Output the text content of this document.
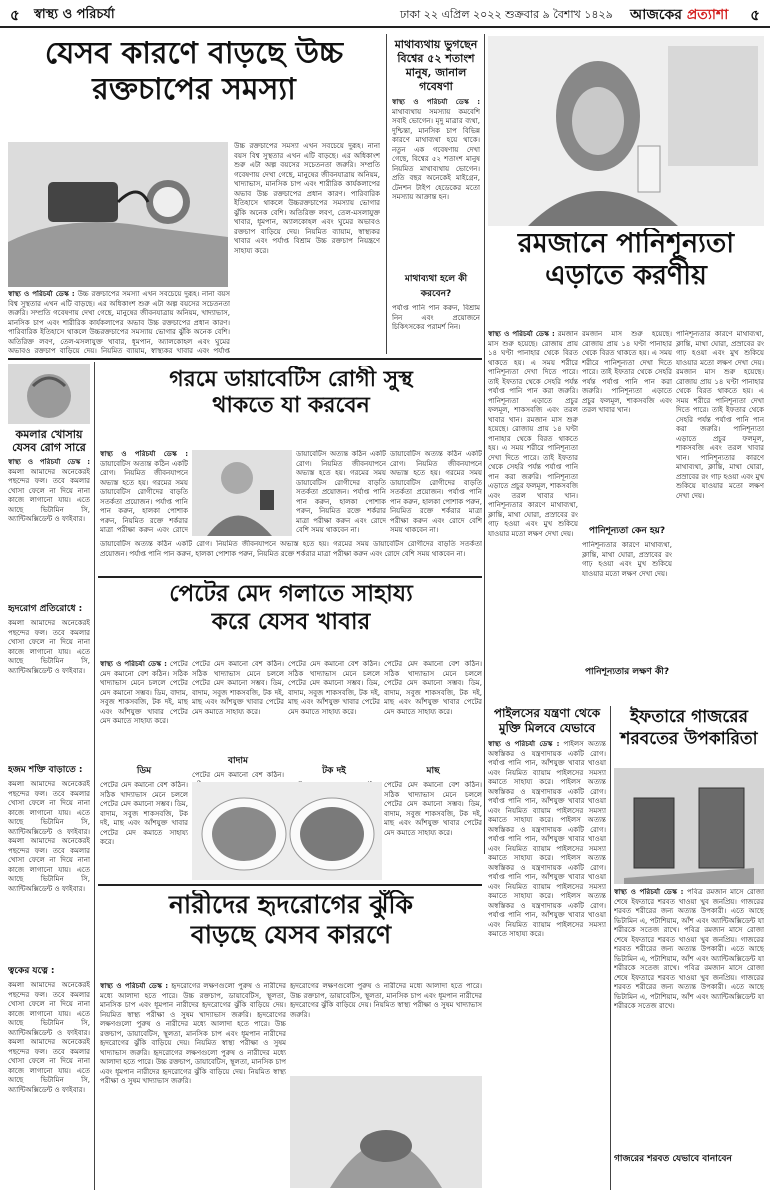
৫ স্বাস্থ্য ও পরিচর্যা	ঢাকা ২২ এপ্রিল ২০২২ শুক্রবার ৯ বৈশাখ ১৪২৯ আজকের প্রত্যাশা ৫
যেসব কারণে বাড়ছে উচ্চ
রক্তচাপের সমস্যা
উচ্চ রক্তচাপের সমস্যা এখন সবচেয়ে দুরূহ। নানা বয়স বিশ্ব সুস্থতার এখন এটি বাড়ছে। এর অধিকাংশ শুরু এটা অল্প বয়সের সচেতনতা জরুরি। সম্প্রতি গবেষণায় দেখা গেছে, মানুষের জীবনযাত্রায় অনিয়ম, খাদ্যাভাস, মানসিক চাপ এবং শারীরিক কার্যকলাপের অভাব উচ্চ রক্তচাপের প্রধান কারণ। পারিবারিক ইতিহাসে থাকলে উচ্চরক্তচাপের সমস্যায় ভোগার ঝুঁকি অনেক বেশি। অতিরিক্ত লবণ, তেল-মসলাযুক্ত খাবার, ধূমপান, অ্যালকোহল এবং ঘুমের অভাবও রক্তচাপ বাড়িয়ে দেয়। নিয়মিত ব্যায়াম, স্বাস্থ্যকর খাবার এবং পর্যাপ্ত বিশ্রাম উচ্চ রক্তচাপ নিয়ন্ত্রণে সাহায্য করে।
স্বাস্থ্য ও পরিচর্যা ডেস্ক : উচ্চ রক্তচাপের সমস্যা এখন সবচেয়ে দুরূহ। নানা বয়স বিশ্ব সুস্থতার এখন এটি বাড়ছে। এর অধিকাংশ শুরু এটা অল্প বয়সের সচেতনতা জরুরি। সম্প্রতি গবেষণায় দেখা গেছে, মানুষের জীবনযাত্রায় অনিয়ম, খাদ্যাভাস, মানসিক চাপ এবং শারীরিক কার্যকলাপের অভাব উচ্চ রক্তচাপের প্রধান কারণ। পারিবারিক ইতিহাসে থাকলে উচ্চরক্তচাপের সমস্যায় ভোগার ঝুঁকি অনেক বেশি। অতিরিক্ত লবণ, তেল-মসলাযুক্ত খাবার, ধূমপান, অ্যালকোহল এবং ঘুমের অভাবও রক্তচাপ বাড়িয়ে দেয়। নিয়মিত ব্যায়াম, স্বাস্থ্যকর খাবার এবং পর্যাপ্ত
মাথাব্যথায় ভুগছেন বিশ্বের ৫২ শতাংশ মানুষ, জানাল গবেষণা
স্বাস্থ্য ও পরিচর্যা ডেস্ক : মাথাব্যথায় সমস্যায় কমবেশি সবাই ভোগেন। মৃদু মাত্রার ব্যথা, দুশ্চিন্তা, মানসিক চাপ বিভিন্ন কারণে মাথাব্যথা হয়ে থাকে। নতুন এক গবেষণায় দেখা গেছে, বিশ্বের ৫২ শতাংশ মানুষ নিয়মিত মাথাব্যথায় ভোগেন। প্রতি বছর অনেকেই মাইগ্রেন, টেনশন টাইপ হেডেকের মতো সমস্যায় আক্রান্ত হন।
মাথাব্যথা হলে কী করবেন?
পর্যাপ্ত পানি পান করুন, বিশ্রাম নিন এবং প্রয়োজনে চিকিৎসকের পরামর্শ নিন।
রমজানে পানিশূন্যতা
এড়াতে করণীয়
স্বাস্থ্য ও পরিচর্যা ডেস্ক : রমজান মাস শুরু হয়েছে। রোজায় প্রায় ১৪ ঘণ্টা পানাহার থেকে বিরত থাকতে হয়। এ সময় শরীরে পানিশূন্যতা দেখা দিতে পারে। তাই ইফতার থেকে সেহরি পর্যন্ত পর্যাপ্ত পানি পান করা জরুরি। পানিশূন্যতা এড়াতে প্রচুর ফলমূল, শাকসবজি এবং তরল খাবার খান। রমজান মাস শুরু হয়েছে। রোজায় প্রায় ১৪ ঘণ্টা পানাহার থেকে বিরত থাকতে হয়। এ সময় শরীরে পানিশূন্যতা দেখা দিতে পারে। তাই ইফতার থেকে সেহরি পর্যন্ত পর্যাপ্ত পানি পান করা জরুরি। পানিশূন্যতা এড়াতে প্রচুর ফলমূল, শাকসবজি এবং তরল খাবার খান। পানিশূন্যতার কারণে মাথাব্যথা, ক্লান্তি, মাথা ঘোরা, প্রস্রাবের রং গাঢ় হওয়া এবং মুখ শুকিয়ে যাওয়ার মতো লক্ষণ দেখা দেয়।
রমজান মাস শুরু হয়েছে। রোজায় প্রায় ১৪ ঘণ্টা পানাহার থেকে বিরত থাকতে হয়। এ সময় শরীরে পানিশূন্যতা দেখা দিতে পারে। তাই ইফতার থেকে সেহরি পর্যন্ত পর্যাপ্ত পানি পান করা জরুরি। পানিশূন্যতা এড়াতে প্রচুর ফলমূল, শাকসবজি এবং তরল খাবার খান।
পানিশূন্যতা কেন হয়?
পানিশূন্যতার কারণে মাথাব্যথা, ক্লান্তি, মাথা ঘোরা, প্রস্রাবের রং গাঢ় হওয়া এবং মুখ শুকিয়ে যাওয়ার মতো লক্ষণ দেখা দেয়।
পানিশূন্যতার লক্ষণ কী?
পানিশূন্যতার কারণে মাথাব্যথা, ক্লান্তি, মাথা ঘোরা, প্রস্রাবের রং গাঢ় হওয়া এবং মুখ শুকিয়ে যাওয়ার মতো লক্ষণ দেখা দেয়। রমজান মাস শুরু হয়েছে। রোজায় প্রায় ১৪ ঘণ্টা পানাহার থেকে বিরত থাকতে হয়। এ সময় শরীরে পানিশূন্যতা দেখা দিতে পারে। তাই ইফতার থেকে সেহরি পর্যন্ত পর্যাপ্ত পানি পান করা জরুরি। পানিশূন্যতা এড়াতে প্রচুর ফলমূল, শাকসবজি এবং তরল খাবার খান। পানিশূন্যতার কারণে মাথাব্যথা, ক্লান্তি, মাথা ঘোরা, প্রস্রাবের রং গাঢ় হওয়া এবং মুখ শুকিয়ে যাওয়ার মতো লক্ষণ দেখা দেয়।
কমলার খোসায় যেসব রোগ সারে
স্বাস্থ্য ও পরিচর্যা ডেস্ক : কমলা আমাদের অনেকেরই পছন্দের ফল। তবে কমলার খোসা ফেলে না দিয়ে নানা কাজে লাগানো যায়। এতে আছে ভিটামিন সি, অ্যান্টিঅক্সিডেন্ট ও ফাইবার।
হৃদরোগ প্রতিরোধে :
কমলা আমাদের অনেকেরই পছন্দের ফল। তবে কমলার খোসা ফেলে না দিয়ে নানা কাজে লাগানো যায়। এতে আছে ভিটামিন সি, অ্যান্টিঅক্সিডেন্ট ও ফাইবার।
হজম শক্তি বাড়াতে :
কমলা আমাদের অনেকেরই পছন্দের ফল। তবে কমলার খোসা ফেলে না দিয়ে নানা কাজে লাগানো যায়। এতে আছে ভিটামিন সি, অ্যান্টিঅক্সিডেন্ট ও ফাইবার। কমলা আমাদের অনেকেরই পছন্দের ফল। তবে কমলার খোসা ফেলে না দিয়ে নানা কাজে লাগানো যায়। এতে আছে ভিটামিন সি, অ্যান্টিঅক্সিডেন্ট ও ফাইবার।
ত্বকের যত্নে :
কমলা আমাদের অনেকেরই পছন্দের ফল। তবে কমলার খোসা ফেলে না দিয়ে নানা কাজে লাগানো যায়। এতে আছে ভিটামিন সি, অ্যান্টিঅক্সিডেন্ট ও ফাইবার। কমলা আমাদের অনেকেরই পছন্দের ফল। তবে কমলার খোসা ফেলে না দিয়ে নানা কাজে লাগানো যায়। এতে আছে ভিটামিন সি, অ্যান্টিঅক্সিডেন্ট ও ফাইবার।
গরমে ডায়াবেটিস রোগী সুস্থ
থাকতে যা করবেন
স্বাস্থ্য ও পরিচর্যা ডেস্ক : ডায়াবেটিস অত্যন্ত কঠিন একটি রোগ। নিয়মিত জীবনযাপনে অভ্যস্ত হতে হয়। গরমের সময় ডায়াবেটিস রোগীদের বাড়তি সতর্কতা প্রয়োজন। পর্যাপ্ত পানি পান করুন, হালকা পোশাক পরুন, নিয়মিত রক্তে শর্করার মাত্রা পরীক্ষা করুন এবং রোদে
ডায়াবেটিস অত্যন্ত কঠিন একটি রোগ। নিয়মিত জীবনযাপনে অভ্যস্ত হতে হয়। গরমের সময় ডায়াবেটিস রোগীদের বাড়তি সতর্কতা প্রয়োজন। পর্যাপ্ত পানি পান করুন, হালকা পোশাক পরুন, নিয়মিত রক্তে শর্করার মাত্রা পরীক্ষা করুন এবং রোদে বেশি সময় থাকবেন না।
ডায়াবেটিস অত্যন্ত কঠিন একটি রোগ। নিয়মিত জীবনযাপনে অভ্যস্ত হতে হয়। গরমের সময় ডায়াবেটিস রোগীদের বাড়তি সতর্কতা প্রয়োজন। পর্যাপ্ত পানি পান করুন, হালকা পোশাক পরুন, নিয়মিত রক্তে শর্করার মাত্রা পরীক্ষা করুন এবং রোদে বেশি সময় থাকবেন না।
ডায়াবেটিস অত্যন্ত কঠিন একটি রোগ। নিয়মিত জীবনযাপনে অভ্যস্ত হতে হয়। গরমের সময় ডায়াবেটিস রোগীদের বাড়তি সতর্কতা প্রয়োজন। পর্যাপ্ত পানি পান করুন, হালকা পোশাক পরুন, নিয়মিত রক্তে শর্করার মাত্রা পরীক্ষা করুন এবং রোদে বেশি সময় থাকবেন না।
পেটের মেদ গলাতে সাহায্য
করে যেসব খাবার
স্বাস্থ্য ও পরিচর্যা ডেস্ক : পেটের মেদ কমানো বেশ কঠিন। সঠিক খাদ্যাভাস মেনে চললে পেটের মেদ কমানো সম্ভব। ডিম, বাদাম, সবুজ শাকসবজি, টক দই, মাছ এবং আঁশযুক্ত খাবার পেটের মেদ কমাতে সাহায্য করে।
ডিম
পেটের মেদ কমানো বেশ কঠিন। সঠিক খাদ্যাভাস মেনে চললে পেটের মেদ কমানো সম্ভব। ডিম, বাদাম, সবুজ শাকসবজি, টক দই, মাছ এবং আঁশযুক্ত খাবার পেটের মেদ কমাতে সাহায্য করে।
পেটের মেদ কমানো বেশ কঠিন। সঠিক খাদ্যাভাস মেনে চললে পেটের মেদ কমানো সম্ভব। ডিম, বাদাম, সবুজ শাকসবজি, টক দই, মাছ এবং আঁশযুক্ত খাবার পেটের মেদ কমাতে সাহায্য করে।
বাদাম
পেটের মেদ কমানো বেশ কঠিন।
পেটের মেদ কমানো বেশ কঠিন। সঠিক খাদ্যাভাস মেনে চললে পেটের মেদ কমানো সম্ভব। ডিম, বাদাম, সবুজ শাকসবজি, টক দই, মাছ এবং আঁশযুক্ত খাবার পেটের মেদ কমাতে সাহায্য করে।
টক দই
পেটের মেদ কমানো বেশ কঠিন। সঠিক খাদ্যাভাস মেনে চললে পেটের মেদ কমানো সম্ভব। ডিম, বাদাম, সবুজ শাকসবজি, টক দই, মাছ এবং আঁশযুক্ত খাবার পেটের মেদ কমাতে সাহায্য করে।
মাছ
পেটের মেদ কমানো বেশ কঠিন। সঠিক খাদ্যাভাস মেনে চললে পেটের মেদ কমানো সম্ভব। ডিম, বাদাম, সবুজ শাকসবজি, টক দই, মাছ এবং আঁশযুক্ত খাবার পেটের মেদ কমাতে সাহায্য করে।
পাইলসের যন্ত্রণা থেকে মুক্তি মিলবে যেভাবে
স্বাস্থ্য ও পরিচর্যা ডেস্ক : পাইলস অত্যন্ত অস্বস্তিকর ও যন্ত্রণাদায়ক একটি রোগ। পর্যাপ্ত পানি পান, আঁশযুক্ত খাবার খাওয়া এবং নিয়মিত ব্যায়াম পাইলসের সমস্যা কমাতে সাহায্য করে। পাইলস অত্যন্ত অস্বস্তিকর ও যন্ত্রণাদায়ক একটি রোগ। পর্যাপ্ত পানি পান, আঁশযুক্ত খাবার খাওয়া এবং নিয়মিত ব্যায়াম পাইলসের সমস্যা কমাতে সাহায্য করে। পাইলস অত্যন্ত অস্বস্তিকর ও যন্ত্রণাদায়ক একটি রোগ। পর্যাপ্ত পানি পান, আঁশযুক্ত খাবার খাওয়া এবং নিয়মিত ব্যায়াম পাইলসের সমস্যা কমাতে সাহায্য করে। পাইলস অত্যন্ত অস্বস্তিকর ও যন্ত্রণাদায়ক একটি রোগ। পর্যাপ্ত পানি পান, আঁশযুক্ত খাবার খাওয়া এবং নিয়মিত ব্যায়াম পাইলসের সমস্যা কমাতে সাহায্য করে। পাইলস অত্যন্ত অস্বস্তিকর ও যন্ত্রণাদায়ক একটি রোগ। পর্যাপ্ত পানি পান, আঁশযুক্ত খাবার খাওয়া এবং নিয়মিত ব্যায়াম পাইলসের সমস্যা কমাতে সাহায্য করে।
ইফতারে গাজরের শরবতের উপকারিতা
স্বাস্থ্য ও পরিচর্যা ডেস্ক : পবিত্র রমজান মাসে রোজা শেষে ইফতারে শরবত খাওয়া খুব জনপ্রিয়। গাজরের শরবত শরীরের জন্য অত্যন্ত উপকারী। এতে আছে ভিটামিন এ, পটাশিয়াম, আঁশ এবং অ্যান্টিঅক্সিডেন্ট যা শরীরকে সতেজ রাখে। পবিত্র রমজান মাসে রোজা শেষে ইফতারে শরবত খাওয়া খুব জনপ্রিয়। গাজরের শরবত শরীরের জন্য অত্যন্ত উপকারী। এতে আছে ভিটামিন এ, পটাশিয়াম, আঁশ এবং অ্যান্টিঅক্সিডেন্ট যা শরীরকে সতেজ রাখে। পবিত্র রমজান মাসে রোজা শেষে ইফতারে শরবত খাওয়া খুব জনপ্রিয়। গাজরের শরবত শরীরের জন্য অত্যন্ত উপকারী। এতে আছে ভিটামিন এ, পটাশিয়াম, আঁশ এবং অ্যান্টিঅক্সিডেন্ট যা শরীরকে সতেজ রাখে।
গাজরের শরবত যেভাবে বানাবেন
নারীদের হৃদরোগের ঝুঁকি
বাড়ছে যেসব কারণে
স্বাস্থ্য ও পরিচর্যা ডেস্ক : হৃদরোগের লক্ষণগুলো পুরুষ ও নারীদের মধ্যে আলাদা হতে পারে। উচ্চ রক্তচাপ, ডায়াবেটিস, স্থূলতা, মানসিক চাপ এবং ধূমপান নারীদের হৃদরোগের ঝুঁকি বাড়িয়ে দেয়। নিয়মিত স্বাস্থ্য পরীক্ষা ও সুষম খাদ্যাভাস জরুরি। হৃদরোগের লক্ষণগুলো পুরুষ ও নারীদের মধ্যে আলাদা হতে পারে। উচ্চ রক্তচাপ, ডায়াবেটিস, স্থূলতা, মানসিক চাপ এবং ধূমপান নারীদের হৃদরোগের ঝুঁকি বাড়িয়ে দেয়। নিয়মিত স্বাস্থ্য পরীক্ষা ও সুষম খাদ্যাভাস জরুরি। হৃদরোগের লক্ষণগুলো পুরুষ ও নারীদের মধ্যে আলাদা হতে পারে। উচ্চ রক্তচাপ, ডায়াবেটিস, স্থূলতা, মানসিক চাপ এবং ধূমপান নারীদের হৃদরোগের ঝুঁকি বাড়িয়ে দেয়। নিয়মিত স্বাস্থ্য পরীক্ষা ও সুষম খাদ্যাভাস জরুরি।
হৃদরোগের লক্ষণগুলো পুরুষ ও নারীদের মধ্যে আলাদা হতে পারে। উচ্চ রক্তচাপ, ডায়াবেটিস, স্থূলতা, মানসিক চাপ এবং ধূমপান নারীদের হৃদরোগের ঝুঁকি বাড়িয়ে দেয়। নিয়মিত স্বাস্থ্য পরীক্ষা ও সুষম খাদ্যাভাস জরুরি।
